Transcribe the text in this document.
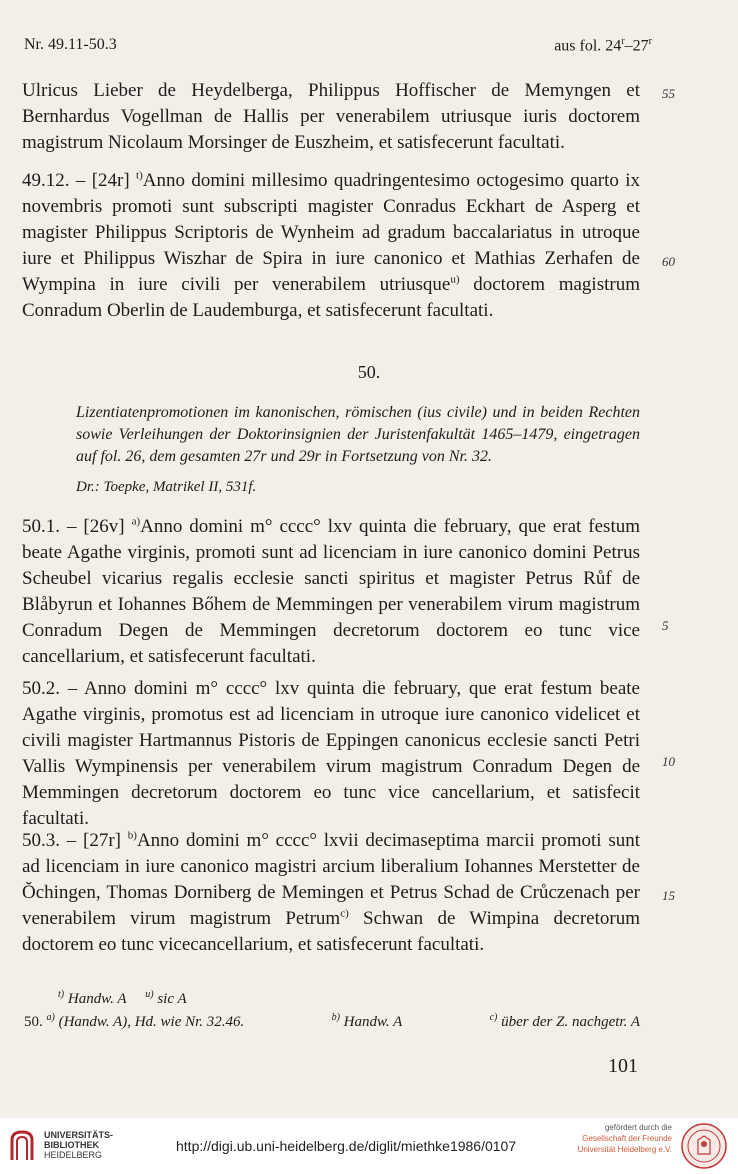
Nr. 49.11-50.3	aus fol. 24$^r$–27$^r$

Ulricus Lieber de Heydelberga, Philippus Hoffischer de Memyngen et Bernhardus Vogellman de Hallis per venerabilem utriusque iuris doctorem magistrum Nicolaum Morsinger de Euszheim, et satisfecerunt facultati.

55

49.12. – [24r] $^{t)}$Anno domini millesimo quadringentesimo octogesimo quarto ix novembris promoti sunt subscripti magister Conradus Eckhart de Asperg et magister Philippus Scriptoris de Wynheim ad gradum baccalariatus in utroque iure et Philippus Wiszhar de Spira in iure canonico et Mathias Zerhafen de Wympina in iure civili per venerabilem utriusque$^{u)}$ doctorem magistrum Conradum Oberlin de Laudemburga, et satisfecerunt facultati.

60
50.

Lizentiatenpromotionen im kanonischen, römischen (ius civile) und in beiden Rechten sowie Verleihungen der Doktorinsignien der Juristenfakultät 1465–1479, eingetragen auf fol. 26, dem gesamten 27r und 29r in Fortsetzung von Nr. 32.

Dr.: Toepke, Matrikel II, 531f.

50.1. – [26v] $^{a)}$Anno domini m° cccc° lxv quinta die february, que erat festum beate Agathe virginis, promoti sunt ad licenciam in iure canonico domini Petrus Scheubel vicarius regalis ecclesie sancti spiritus et magister Petrus Růf de Blåbyrun et Iohannes Bőhem de Memmingen per venerabilem virum magistrum Conradum Degen de Memmingen decretorum doctorem eo tunc vice cancellarium, et satisfecerunt facultati.

5

50.2. – Anno domini m° cccc° lxv quinta die february, que erat festum beate Agathe virginis, promotus est ad licenciam in utroque iure canonico videlicet et civili magister Hartmannus Pistoris de Eppingen canonicus ecclesie sancti Petri Vallis Wympinensis per venerabilem virum magistrum Conradum Degen de Memmingen decretorum doctorem eo tunc vice cancellarium, et satisfecit facultati.

10

50.3. – [27r] $^{b)}$Anno domini m° cccc° lxvii decimaseptima marcii promoti sunt ad licenciam in iure canonico magistri arcium liberalium Iohannes Merstetter de Ŏchingen, Thomas Dorniberg de Memingen et Petrus Schad de Crůczenach per venerabilem virum magistrum Petrum$^{c)}$ Schwan de Wimpina decretorum doctorem eo tunc vicecancellarium, et satisfecerunt facultati.

15
$^{t)}$ Handw. A $^{u)}$ sic A
50. $^{a)}$ (Handw. A), Hd. wie Nr. 32.46.	$^{b)}$ Handw. A	$^{c)}$ über der Z. nachgetr. A
101
UNIVERSITÄTS-
BIBLIOTHEK
HEIDELBERG
http://digi.ub.uni-heidelberg.de/diglit/miethke1986/0107
gefördert durch die
Gesellschaft der Freunde
Universität Heidelberg e.V.
